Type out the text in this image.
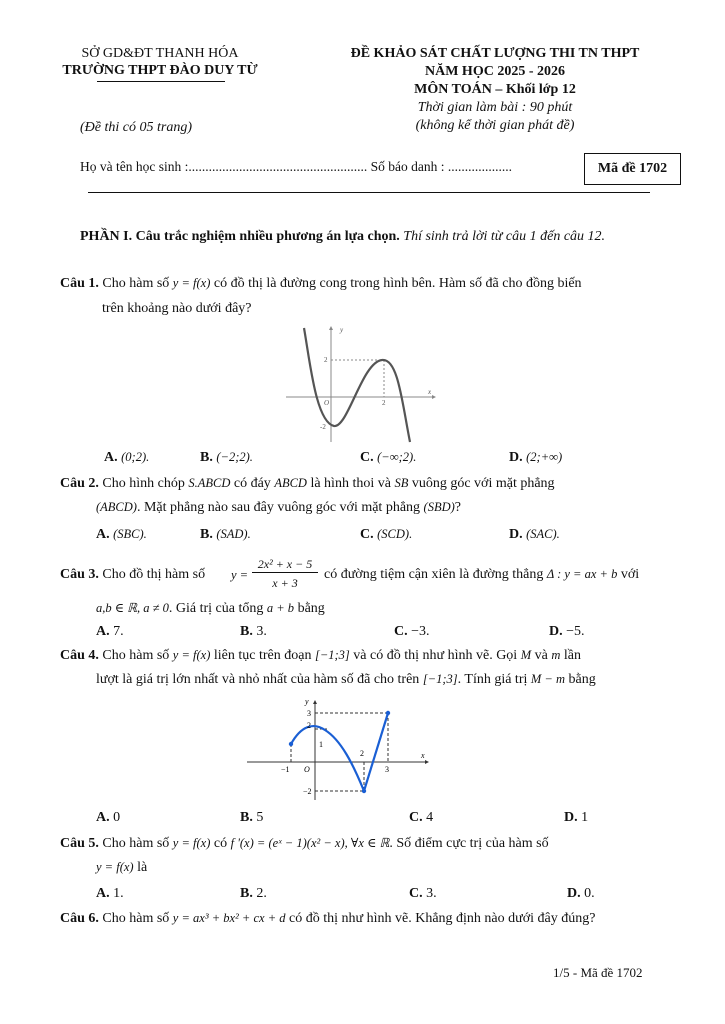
SỞ GD&ĐT THANH HÓA
TRƯỜNG THPT ĐÀO DUY TỪ
(Đề thi có 05 trang)
ĐỀ KHẢO SÁT CHẤT LƯỢNG THI TN THPT
NĂM HỌC 2025 - 2026
MÔN TOÁN – Khối lớp 12
Thời gian làm bài : 90 phút
(không kể thời gian phát đề)
Họ và tên học sinh :..................................................... Số báo danh : ...................	Mã đề 1702
PHẦN I. Câu trắc nghiệm nhiều phương án lựa chọn. Thí sinh trả lời từ câu 1 đến câu 12.
Câu 1. Cho hàm số y = f(x) có đồ thị là đường cong trong hình bên. Hàm số đã cho đồng biến
trên khoảng nào dưới đây?
y
x
O	2
2
-2
A. (0;2).	B. (−2;2).	C. (−∞;2).	D. (2;+∞)
Câu 2. Cho hình chóp S.ABCD có đáy ABCD là hình thoi và SB vuông góc với mặt phẳng
(ABCD). Mặt phẳng nào sau đây vuông góc với mặt phẳng (SBD)?
A. (SBC).	B. (SAD).	C. (SCD).	D. (SAC).
Câu 3. Cho đồ thị hàm số y =
2x² + x − 5
x + 3
có đường tiệm cận xiên là đường thẳng Δ : y = ax + b với
a,b ∈ ℝ, a ≠ 0. Giá trị của tổng a + b bằng
A. 7.	B. 3.	C. −3.	D. −5.
Câu 4. Cho hàm số y = f(x) liên tục trên đoạn [−1;3] và có đồ thị như hình vẽ. Gọi M và m lần
lượt là giá trị lớn nhất và nhỏ nhất của hàm số đã cho trên [−1;3]. Tính giá trị M − m bằng
y
x
O
3
2
1
−1
2
3
−2
A. 0	B. 5	C. 4	D. 1
Câu 5. Cho hàm số y = f(x) có f '(x) = (eˣ − 1)(x² − x), ∀x ∈ ℝ. Số điểm cực trị của hàm số
y = f(x) là
A. 1.	B. 2.	C. 3.	D. 0.
Câu 6. Cho hàm số y = ax³ + bx² + cx + d có đồ thị như hình vẽ. Khẳng định nào dưới đây đúng?
1/5 - Mã đề 1702
